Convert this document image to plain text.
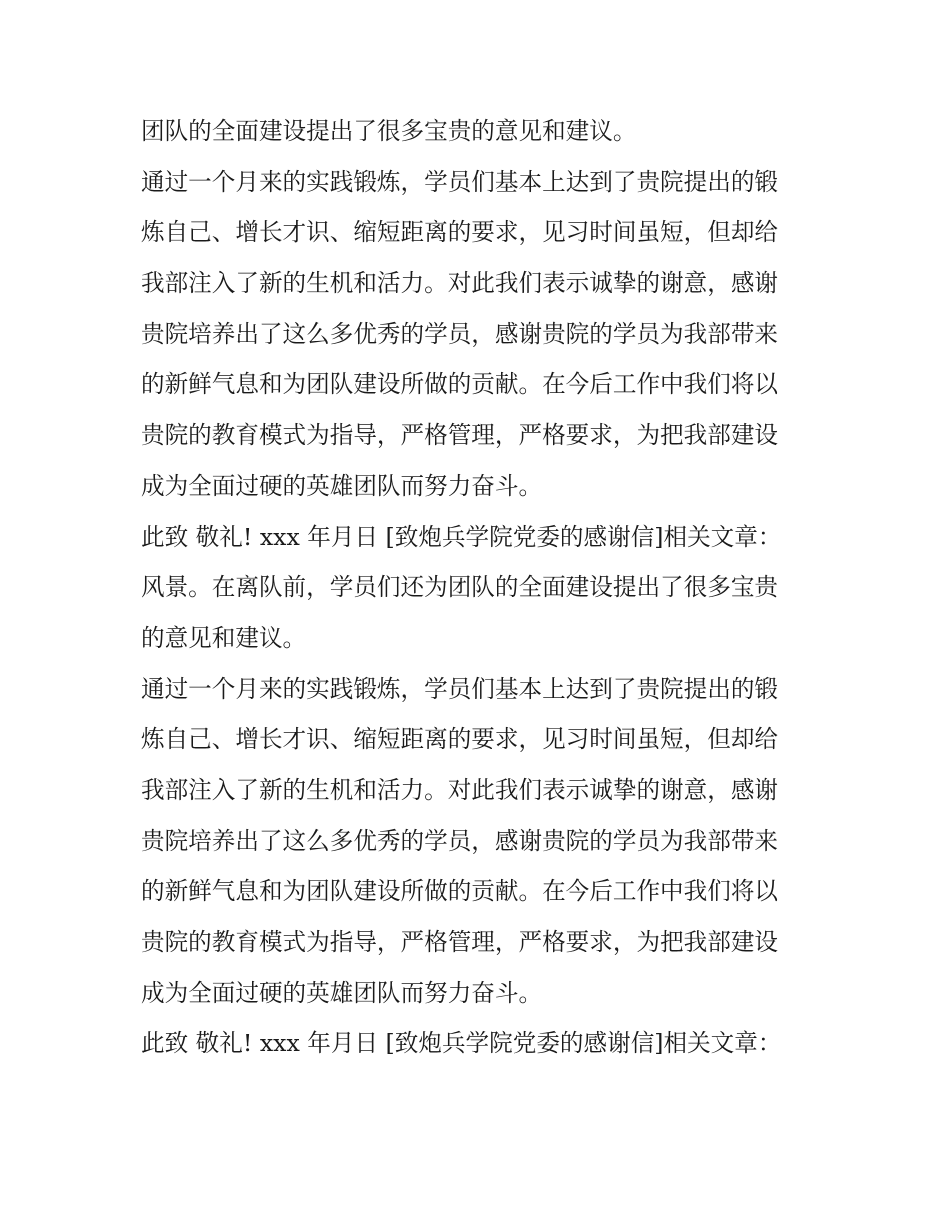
团队的全面建设提出了很多宝贵的意见和建议。
通过一个月来的实践锻炼，学员们基本上达到了贵院提出的锻
炼自己、增长才识、缩短距离的要求，见习时间虽短，但却给
我部注入了新的生机和活力。对此我们表示诚挚的谢意，感谢
贵院培养出了这么多优秀的学员，感谢贵院的学员为我部带来
的新鲜气息和为团队建设所做的贡献。在今后工作中我们将以
贵院的教育模式为指导，严格管理，严格要求，为把我部建设
成为全面过硬的英雄团队而努力奋斗。
此致 敬礼! xxx 年月日 [致炮兵学院党委的感谢信]相关文章：
风景。在离队前，学员们还为团队的全面建设提出了很多宝贵
的意见和建议。
通过一个月来的实践锻炼，学员们基本上达到了贵院提出的锻
炼自己、增长才识、缩短距离的要求，见习时间虽短，但却给
我部注入了新的生机和活力。对此我们表示诚挚的谢意，感谢
贵院培养出了这么多优秀的学员，感谢贵院的学员为我部带来
的新鲜气息和为团队建设所做的贡献。在今后工作中我们将以
贵院的教育模式为指导，严格管理，严格要求，为把我部建设
成为全面过硬的英雄团队而努力奋斗。
此致 敬礼! xxx 年月日 [致炮兵学院党委的感谢信]相关文章：
